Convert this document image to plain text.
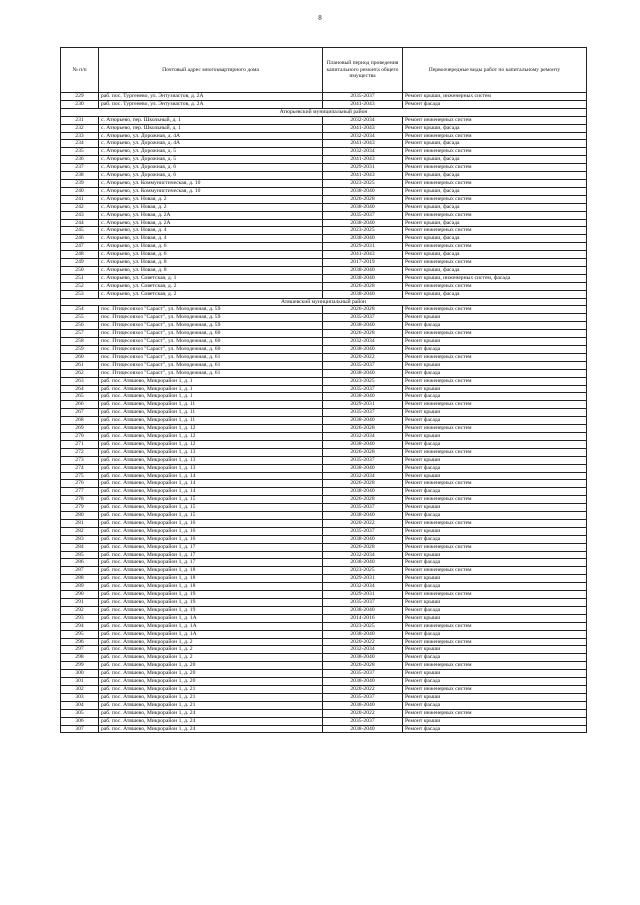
8
№ п/п	Почтовый адрес многоквартирного дома	Плановый период проведения капитального ремонта общего имущества	Первоочередные виды работ по капитальному ремонту
229	раб. пос. Тургенево, ул. Энтузиастов, д. 2А	2035-2037	Ремонт крыши, инженерных систем
230	раб. пос. Тургенево, ул. Энтузиастов, д. 2А	2041-2043	Ремонт фасада
Атюрьевский муниципальный район			
231	с. Атюрьево, пер. Школьный, д. 1	2032-2034	Ремонт инженерных систем
232	с. Атюрьево, пер. Школьный, д. 1	2041-2043	Ремонт крыши, фасада
233	с. Атюрьево, ул. Дорожная, д. 4А	2032-2034	Ремонт инженерных систем
234	с. Атюрьево, ул. Дорожная, д. 4А	2041-2043	Ремонт крыши, фасада
235	с. Атюрьево, ул. Дорожная, д. 5	2032-2034	Ремонт инженерных систем
236	с. Атюрьево, ул. Дорожная, д. 5	2041-2043	Ремонт крыши, фасада
237	с. Атюрьево, ул. Дорожная, д. 6	2029-2031	Ремонт инженерных систем
238	с. Атюрьево, ул. Дорожная, д. 6	2041-2043	Ремонт крыши, фасада
239	с. Атюрьево, ул. Коммунистическая, д. 10	2023-2025	Ремонт инженерных систем
240	с. Атюрьево, ул. Коммунистическая, д. 10	2038-2040	Ремонт крыши, фасада
241	с. Атюрьево, ул. Новая, д. 2	2026-2028	Ремонт инженерных систем
242	с. Атюрьево, ул. Новая, д. 2	2038-2040	Ремонт крыши, фасада
243	с. Атюрьево, ул. Новая, д. 2А	2035-2037	Ремонт инженерных систем
244	с. Атюрьево, ул. Новая, д. 2А	2038-2040	Ремонт крыши, фасада
245	с. Атюрьево, ул. Новая, д. 4	2023-2025	Ремонт инженерных систем
246	с. Атюрьево, ул. Новая, д. 4	2038-2040	Ремонт крыши, фасада
247	с. Атюрьево, ул. Новая, д. 6	2029-2031	Ремонт инженерных систем
248	с. Атюрьево, ул. Новая, д. 6	2041-2043	Ремонт крыши, фасада
249	с. Атюрьево, ул. Новая, д. 8	2017-2019	Ремонт инженерных систем
250	с. Атюрьево, ул. Новая, д. 8	2038-2040	Ремонт крыши, фасада
251	с. Атюрьево, ул. Советская, д. 1	2038-2040	Ремонт крыши, инженерных систем, фасада
252	с. Атюрьево, ул. Советская, д. 2	2026-2028	Ремонт инженерных систем
253	с. Атюрьево, ул. Советская, д. 2	2038-2040	Ремонт крыши, фасада
Атяшевский муниципальный район			
254	пос. Птицесовхоз "Сараст", ул. Молодежная, д. 59	2026-2028	Ремонт инженерных систем
255	пос. Птицесовхоз "Сараст", ул. Молодежная, д. 59	2035-2037	Ремонт крыши
256	пос. Птицесовхоз "Сараст", ул. Молодежная, д. 59	2038-2040	Ремонт фасада
257	пос. Птицесовхоз "Сараст", ул. Молодежная, д. 60	2026-2028	Ремонт инженерных систем
258	пос. Птицесовхоз "Сараст", ул. Молодежная, д. 60	2032-2034	Ремонт крыши
259	пос. Птицесовхоз "Сараст", ул. Молодежная, д. 60	2038-2040	Ремонт фасада
260	пос. Птицесовхоз "Сараст", ул. Молодежная, д. 61	2020-2022	Ремонт инженерных систем
261	пос. Птицесовхоз "Сараст", ул. Молодежная, д. 61	2035-2037	Ремонт крыши
262	пос. Птицесовхоз "Сараст", ул. Молодежная, д. 61	2038-2040	Ремонт фасада
263	раб. пос. Атяшево, Микрорайон 1, д. 1	2023-2025	Ремонт инженерных систем
264	раб. пос. Атяшево, Микрорайон 1, д. 1	2035-2037	Ремонт крыши
265	раб. пос. Атяшево, Микрорайон 1, д. 1	2038-2040	Ремонт фасада
266	раб. пос. Атяшево, Микрорайон 1, д. 11	2029-2031	Ремонт инженерных систем
267	раб. пос. Атяшево, Микрорайон 1, д. 11	2035-2037	Ремонт крыши
268	раб. пос. Атяшево, Микрорайон 1, д. 11	2038-2040	Ремонт фасада
269	раб. пос. Атяшево, Микрорайон 1, д. 12	2026-2028	Ремонт инженерных систем
270	раб. пос. Атяшево, Микрорайон 1, д. 12	2032-2034	Ремонт крыши
271	раб. пос. Атяшево, Микрорайон 1, д. 12	2038-2040	Ремонт фасада
272	раб. пос. Атяшево, Микрорайон 1, д. 13	2026-2028	Ремонт инженерных систем
273	раб. пос. Атяшево, Микрорайон 1, д. 13	2035-2037	Ремонт крыши
274	раб. пос. Атяшево, Микрорайон 1, д. 13	2038-2040	Ремонт фасада
275	раб. пос. Атяшево, Микрорайон 1, д. 14	2032-2034	Ремонт крыши
276	раб. пос. Атяшево, Микрорайон 1, д. 14	2026-2028	Ремонт инженерных систем
277	раб. пос. Атяшево, Микрорайон 1, д. 14	2038-2040	Ремонт фасада
278	раб. пос. Атяшево, Микрорайон 1, д. 15	2026-2028	Ремонт инженерных систем
279	раб. пос. Атяшево, Микрорайон 1, д. 15	2035-2037	Ремонт крыши
280	раб. пос. Атяшево, Микрорайон 1, д. 15	2038-2040	Ремонт фасада
281	раб. пос. Атяшево, Микрорайон 1, д. 16	2020-2022	Ремонт инженерных систем
282	раб. пос. Атяшево, Микрорайон 1, д. 16	2035-2037	Ремонт крыши
283	раб. пос. Атяшево, Микрорайон 1, д. 16	2038-2040	Ремонт фасада
284	раб. пос. Атяшево, Микрорайон 1, д. 17	2026-2028	Ремонт инженерных систем
285	раб. пос. Атяшево, Микрорайон 1, д. 17	2032-2034	Ремонт крыши
286	раб. пос. Атяшево, Микрорайон 1, д. 17	2038-2040	Ремонт фасада
287	раб. пос. Атяшево, Микрорайон 1, д. 18	2023-2025	Ремонт инженерных систем
288	раб. пос. Атяшево, Микрорайон 1, д. 18	2029-2031	Ремонт крыши
289	раб. пос. Атяшево, Микрорайон 1, д. 18	2032-2034	Ремонт фасада
290	раб. пос. Атяшево, Микрорайон 1, д. 19	2029-2031	Ремонт инженерных систем
291	раб. пос. Атяшево, Микрорайон 1, д. 19	2035-2037	Ремонт крыши
292	раб. пос. Атяшево, Микрорайон 1, д. 19	2038-2040	Ремонт фасада
293	раб. пос. Атяшево, Микрорайон 1, д. 1А	2014-2016	Ремонт крыши
294	раб. пос. Атяшево, Микрорайон 1, д. 1А	2023-2025	Ремонт инженерных систем
295	раб. пос. Атяшево, Микрорайон 1, д. 1А	2038-2040	Ремонт фасада
296	раб. пос. Атяшево, Микрорайон 1, д. 2	2020-2022	Ремонт инженерных систем
297	раб. пос. Атяшево, Микрорайон 1, д. 2	2032-2034	Ремонт крыши
298	раб. пос. Атяшево, Микрорайон 1, д. 2	2038-2040	Ремонт фасада
299	раб. пос. Атяшево, Микрорайон 1, д. 20	2026-2028	Ремонт инженерных систем
300	раб. пос. Атяшево, Микрорайон 1, д. 20	2035-2037	Ремонт крыши
301	раб. пос. Атяшево, Микрорайон 1, д. 20	2038-2040	Ремонт фасада
302	раб. пос. Атяшево, Микрорайон 1, д. 21	2020-2022	Ремонт инженерных систем
303	раб. пос. Атяшево, Микрорайон 1, д. 21	2035-2037	Ремонт крыши
304	раб. пос. Атяшево, Микрорайон 1, д. 21	2038-2040	Ремонт фасада
305	раб. пос. Атяшево, Микрорайон 1, д. 24	2020-2022	Ремонт инженерных систем
306	раб. пос. Атяшево, Микрорайон 1, д. 24	2035-2037	Ремонт крыши
307	раб. пос. Атяшево, Микрорайон 1, д. 24	2038-2040	Ремонт фасада
